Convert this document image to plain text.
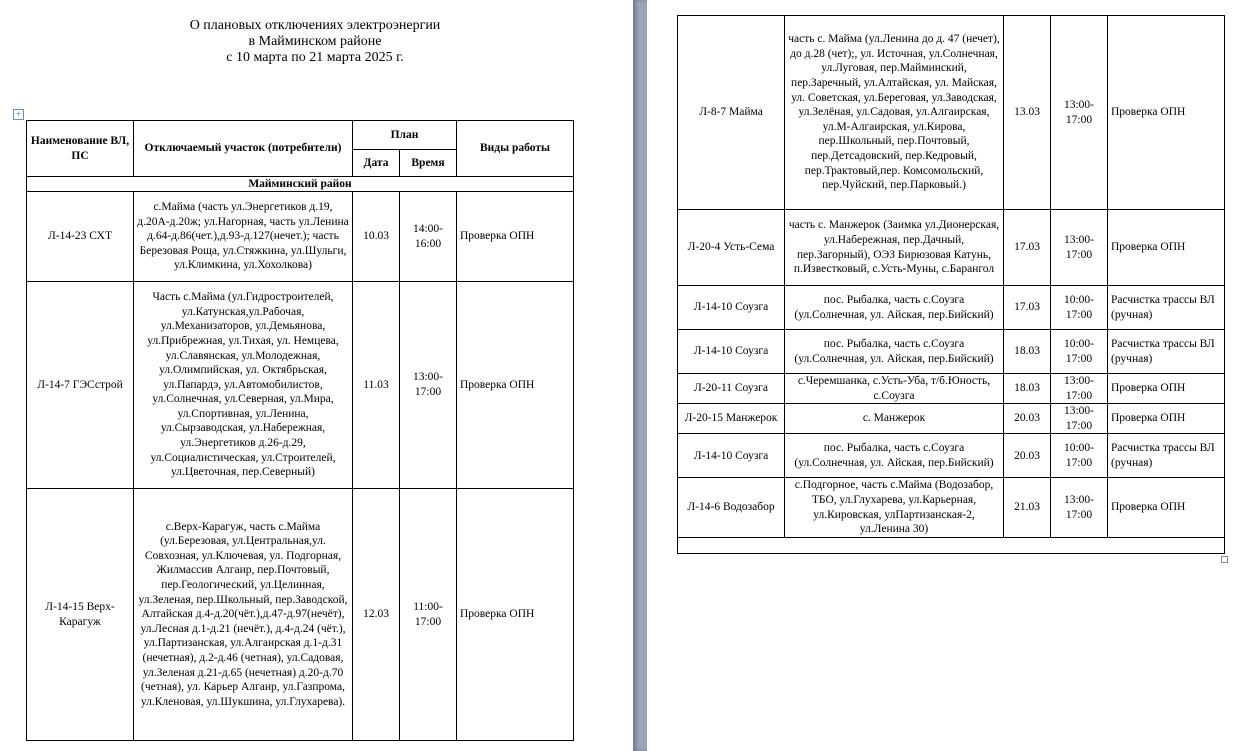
О плановых отключениях электроэнергии
в Майминском районе
с 10 марта по 21 марта 2025 г.
+
Наименование ВЛ, ПС	Отключаемый участок (потребители)	План		Виды работы
		Дата	Время	
Майминский район				
Л-14-23 СХТ	с.Майма (часть ул.Энергетиков д.19, д.20А-д.20ж; ул.Нагорная, часть ул.Ленина д.64-д.86(чет.),д.93-д.127(нечет.); часть Березовая Роща, ул.Стяжкина, ул.Шульги, ул.Климкина, ул.Хохолкова)	10.03	14:00-16:00	Проверка ОПН
Л-14-7 ГЭСстрой	Часть с.Майма (ул.Гидростроителей, ул.Катунская,ул.Рабочая, ул.Механизаторов, ул.Демьянова, ул.Прибрежная, ул.Тихая, ул. Немцева, ул.Славянская, ул.Молодежная, ул.Олимпийская, ул. Октябрьская, ул.Папардэ, ул.Автомобилистов, ул.Солнечная, ул.Северная, ул.Мира, ул.Спортивная, ул.Ленина, ул.Сырзаводская, ул.Набережная, ул.Энергетиков д.26-д.29, ул.Социалистическая, ул.Строителей, ул.Цветочная, пер.Северный)	11.03	13:00-17:00	Проверка ОПН
Л-14-15 Верх-Карагуж	с.Верх-Карагуж, часть с.Майма (ул.Березовая, ул.Центральная,ул. Совхозная, ул.Ключевая, ул. Подгорная, Жилмассив Алгаир, пер.Почтовый, пер.Геологический, ул.Целинная, ул.Зеленая, пер.Школьный, пер.Заводской, Алтайская д.4-д.20(чёт.),д.47-д.97(нечёт), ул.Лесная д.1-д.21 (нечёт.), д.4-д.24 (чёт.), ул.Партизанская, ул.Алгаирская д.1-д.31 (нечетная), д.2-д.46 (четная), ул.Садовая, ул.Зеленая д.21-д.65 (нечетная) д.20-д.70 (четная), ул. Карьер Алгаир, ул.Газпрома, ул.Кленовая, ул.Шукшина, ул.Глухарева).	12.03	11:00-17:00	Проверка ОПН
Л-8-7 Майма	часть с. Майма (ул.Ленина до д. 47 (нечет), до д.28 (чет);, ул. Источная, ул.Солнечная, ул.Луговая, пер.Майминский, пер.Заречный, ул.Алтайская, ул. Майская, ул. Советская, ул.Береговая, ул.Заводская, ул.Зелёная, ул.Садовая, ул.Алгаирская, ул.М-Алгаирская, ул.Кирова, пер.Школьный, пер.Почтовый, пер.Детсадовский, пер.Кедровый, пер.Трактовый,пер. Комсомольский, пер.Чуйский, пер.Парковый.)	13.03	13:00-17:00	Проверка ОПН
Л-20-4 Усть-Сема	часть с. Манжерок (Заимка ул.Дионерская, ул.Набережная, пер.Дачный, пер.Загорный), ОЭЗ Бирюзовая Катунь, п.Известковый, с.Усть-Муны, с.Барангол	17.03	13:00-17:00	Проверка ОПН
Л-14-10 Соузга	пос. Рыбалка, часть с.Соузга (ул.Солнечная, ул. Айская, пер.Бийский)	17.03	10:00-17:00	Расчистка трассы ВЛ (ручная)
Л-14-10 Соузга	пос. Рыбалка, часть с.Соузга (ул.Солнечная, ул. Айская, пер.Бийский)	18.03	10:00-17:00	Расчистка трассы ВЛ (ручная)
Л-20-11 Соузга	с.Черемшанка, с.Усть-Уба, т/б.Юность, с.Соузга	18.03	13:00-17:00	Проверка ОПН
Л-20-15 Манжерок	с. Манжерок	20.03	13:00-17:00	Проверка ОПН
Л-14-10 Соузга	пос. Рыбалка, часть с.Соузга (ул.Солнечная, ул. Айская, пер.Бийский)	20.03	10:00-17:00	Расчистка трассы ВЛ (ручная)
Л-14-6 Водозабор	с.Подгорное, часть с.Майма (Водозабор, ТБО, ул.Глухарева, ул.Карьерная, ул.Кировская, улПартизанская-2, ул.Ленина 30)	21.03	13:00-17:00	Проверка ОПН
